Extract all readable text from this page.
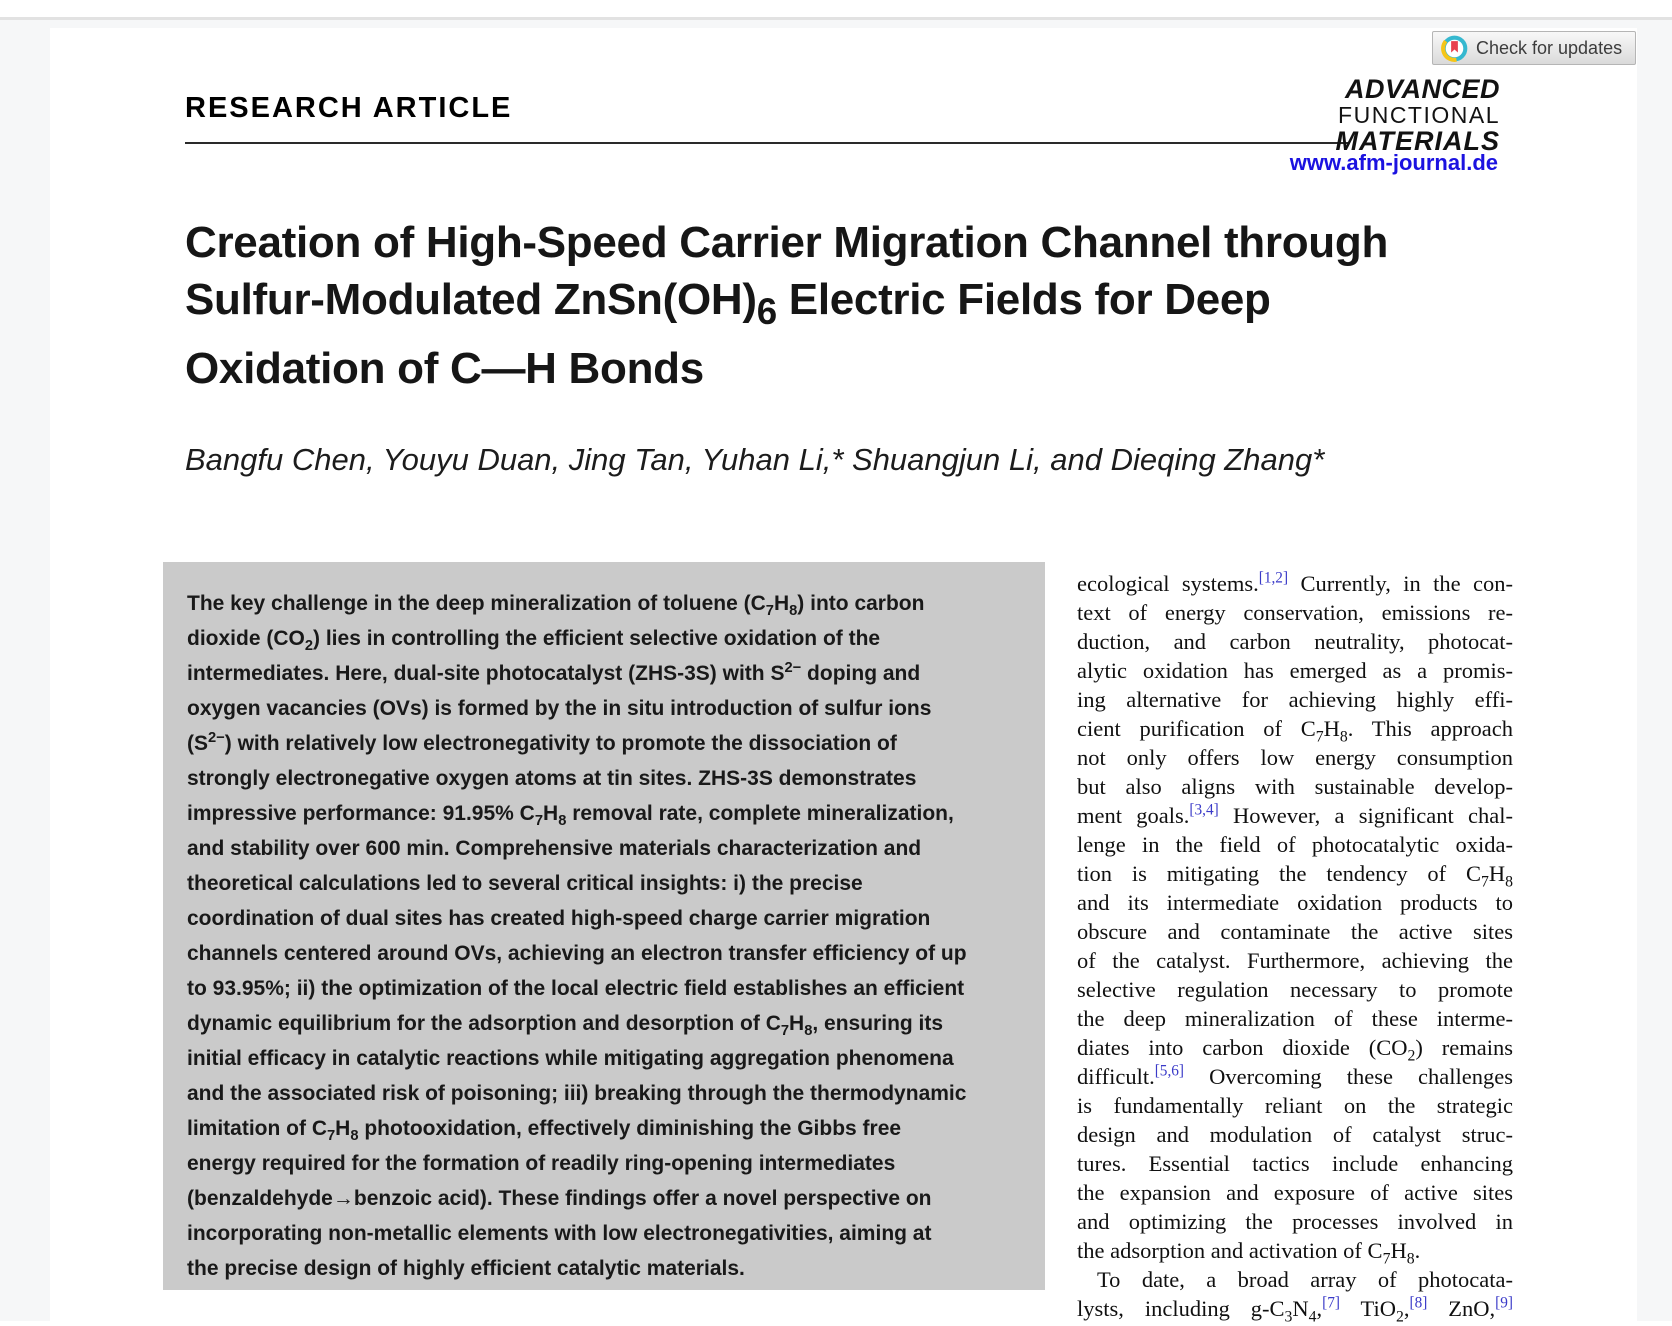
Check for updates
RESEARCH ARTICLE
ADVANCED
FUNCTIONAL
MATERIALS
www.afm-journal.de
Creation of High-Speed Carrier Migration Channel through
Sulfur-Modulated $ZnSn(OH)_6$ Electric Fields for Deep
Oxidation of C—H Bonds
Bangfu Chen, Youyu Duan, Jing Tan, Yuhan Li,* Shuangjun Li, and Dieqing Zhang*
The key challenge in the deep mineralization of toluene $(C_7H_8)$ into carbon
dioxide $(CO_2)$ lies in controlling the efficient selective oxidation of the
intermediates. Here, dual-site photocatalyst (ZHS-3S) with $S^{2-}$ doping and
oxygen vacancies (OVs) is formed by the in situ introduction of sulfur ions
$(S^{2-})$ with relatively low electronegativity to promote the dissociation of
strongly electronegative oxygen atoms at tin sites. ZHS-3S demonstrates
impressive performance: 91.95% $C_7H_8$ removal rate, complete mineralization,
and stability over 600 min. Comprehensive materials characterization and
theoretical calculations led to several critical insights: i) the precise
coordination of dual sites has created high-speed charge carrier migration
channels centered around OVs, achieving an electron transfer efficiency of up
to 93.95%; ii) the optimization of the local electric field establishes an efficient
dynamic equilibrium for the adsorption and desorption of $C_7H_8$, ensuring its
initial efficacy in catalytic reactions while mitigating aggregation phenomena
and the associated risk of poisoning; iii) breaking through the thermodynamic
limitation of $C_7H_8$ photooxidation, effectively diminishing the Gibbs free
energy required for the formation of readily ring-opening intermediates
(benzaldehyde→benzoic acid). These findings offer a novel perspective on
incorporating non-metallic elements with low electronegativities, aiming at
the precise design of highly efficient catalytic materials.
ecological systems.[1,2] Currently, in the con-
text of energy conservation, emissions re-
duction, and carbon neutrality, photocat-
alytic oxidation has emerged as a promis-
ing alternative for achieving highly effi-
cient purification of $C_7H_8$. This approach
not only offers low energy consumption
but also aligns with sustainable develop-
ment goals.[3,4] However, a significant chal-
lenge in the field of photocatalytic oxida-
tion is mitigating the tendency of $C_7H_8$
and its intermediate oxidation products to
obscure and contaminate the active sites
of the catalyst. Furthermore, achieving the
selective regulation necessary to promote
the deep mineralization of these interme-
diates into carbon dioxide $(CO_2)$ remains
difficult.[5,6] Overcoming these challenges
is fundamentally reliant on the strategic
design and modulation of catalyst struc-
tures. Essential tactics include enhancing
the expansion and exposure of active sites
and optimizing the processes involved in
the adsorption and activation of $C_7H_8$.
To date, a broad array of photocata-
lysts, including $g-C_3N_4,[7]$ TiO$_2$,[8] ZnO,[9]
